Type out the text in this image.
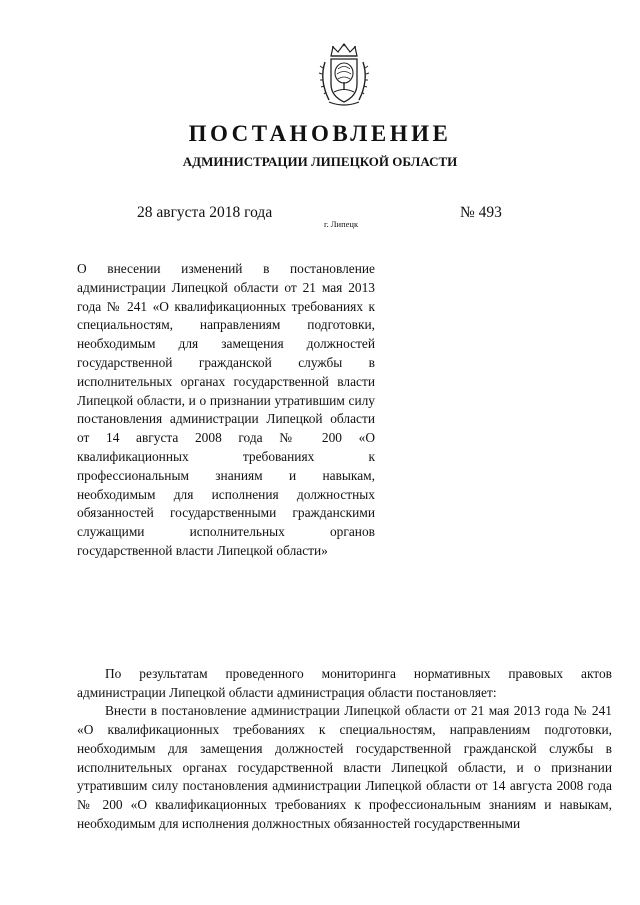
ПОСТАНОВЛЕНИЕ
АДМИНИСТРАЦИИ ЛИПЕЦКОЙ ОБЛАСТИ
28 августа 2018 года
г. Липецк
№ 493

О внесении изменений в постановление администрации Липецкой области от 21 мая 2013 года № 241 «О квалификационных требованиях к специальностям, направлениям подготовки, необходимым для замещения должностей государственной гражданской службы в исполнительных органах государственной власти Липецкой области, и о признании утратившим силу постановления администрации Липецкой области от 14 августа 2008 года № 200 «О квалификационных требованиях к профессиональным знаниям и навыкам, необходимым для исполнения должностных обязанностей государственными гражданскими служащими исполнительных органов государственной власти Липецкой области»

По результатам проведенного мониторинга нормативных правовых актов администрации Липецкой области администрация области постановляет:

Внести в постановление администрации Липецкой области от 21 мая 2013 года № 241 «О квалификационных требованиях к специальностям, направлениям подготовки, необходимым для замещения должностей государственной гражданской службы в исполнительных органах государственной власти Липецкой области, и о признании утратившим силу постановления администрации Липецкой области от 14 августа 2008 года № 200 «О квалификационных требованиях к профессиональным знаниям и навыкам, необходимым для исполнения должностных обязанностей государственными
